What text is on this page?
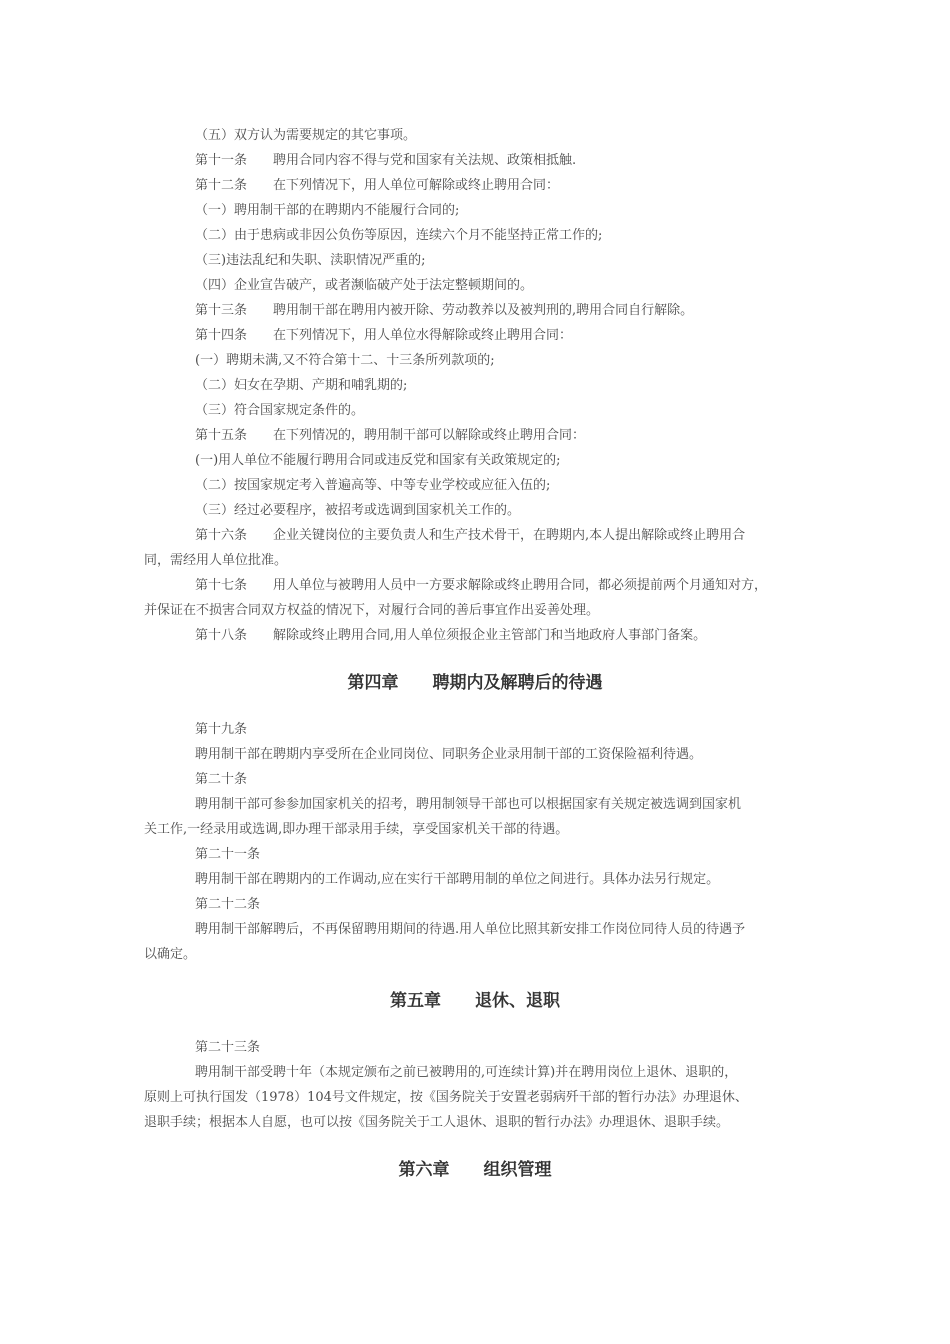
（五）双方认为需要规定的其它事项。
第十一条　　聘用合同内容不得与党和国家有关法规、政策相抵触.
第十二条　　在下列情况下，用人单位可解除或终止聘用合同：
（一）聘用制干部的在聘期内不能履行合同的;
（二）由于患病或非因公负伤等原因，连续六个月不能坚持正常工作的;
（三)违法乱纪和失职、渎职情况严重的;
（四）企业宣告破产，或者濒临破产处于法定整顿期间的。
第十三条　　聘用制干部在聘用内被开除、劳动教养以及被判刑的,聘用合同自行解除。
第十四条　　在下列情况下，用人单位水得解除或终止聘用合同：
(一）聘期未满,又不符合第十二、十三条所列款项的;
（二）妇女在孕期、产期和哺乳期的;
（三）符合国家规定条件的。
第十五条　　在下列情况的，聘用制干部可以解除或终止聘用合同：
(一)用人单位不能履行聘用合同或违反党和国家有关政策规定的;
（二）按国家规定考入普遍高等、中等专业学校或应征入伍的;
（三）经过必要程序，被招考或选调到国家机关工作的。
第十六条　　企业关键岗位的主要负责人和生产技术骨干，在聘期内,本人提出解除或终止聘用合
同，需经用人单位批准。
第十七条　　用人单位与被聘用人员中一方要求解除或终止聘用合同，都必须提前两个月通知对方，
并保证在不损害合同双方权益的情况下，对履行合同的善后事宜作出妥善处理。
第十八条　　解除或终止聘用合同,用人单位须报企业主管部门和当地政府人事部门备案。
第四章　　聘期内及解聘后的待遇
第十九条
聘用制干部在聘期内享受所在企业同岗位、同职务企业录用制干部的工资保险福利待遇。
第二十条
聘用制干部可参参加国家机关的招考，聘用制领导干部也可以根据国家有关规定被选调到国家机
关工作,一经录用或选调,即办理干部录用手续，享受国家机关干部的待遇。
第二十一条
聘用制干部在聘期内的工作调动,应在实行干部聘用制的单位之间进行。具体办法另行规定。
第二十二条
聘用制干部解聘后，不再保留聘用期间的待遇.用人单位比照其新安排工作岗位同待人员的待遇予
以确定。
第五章　　退休、退职
第二十三条
聘用制干部受聘十年（本规定颁布之前已被聘用的,可连续计算)并在聘用岗位上退休、退职的，
原则上可执行国发（1978）104号文件规定，按《国务院关于安置老弱病歼干部的暂行办法》办理退休、
退职手续；根据本人自愿，也可以按《国务院关于工人退休、退职的暂行办法》办理退休、退职手续。
第六章　　组织管理
